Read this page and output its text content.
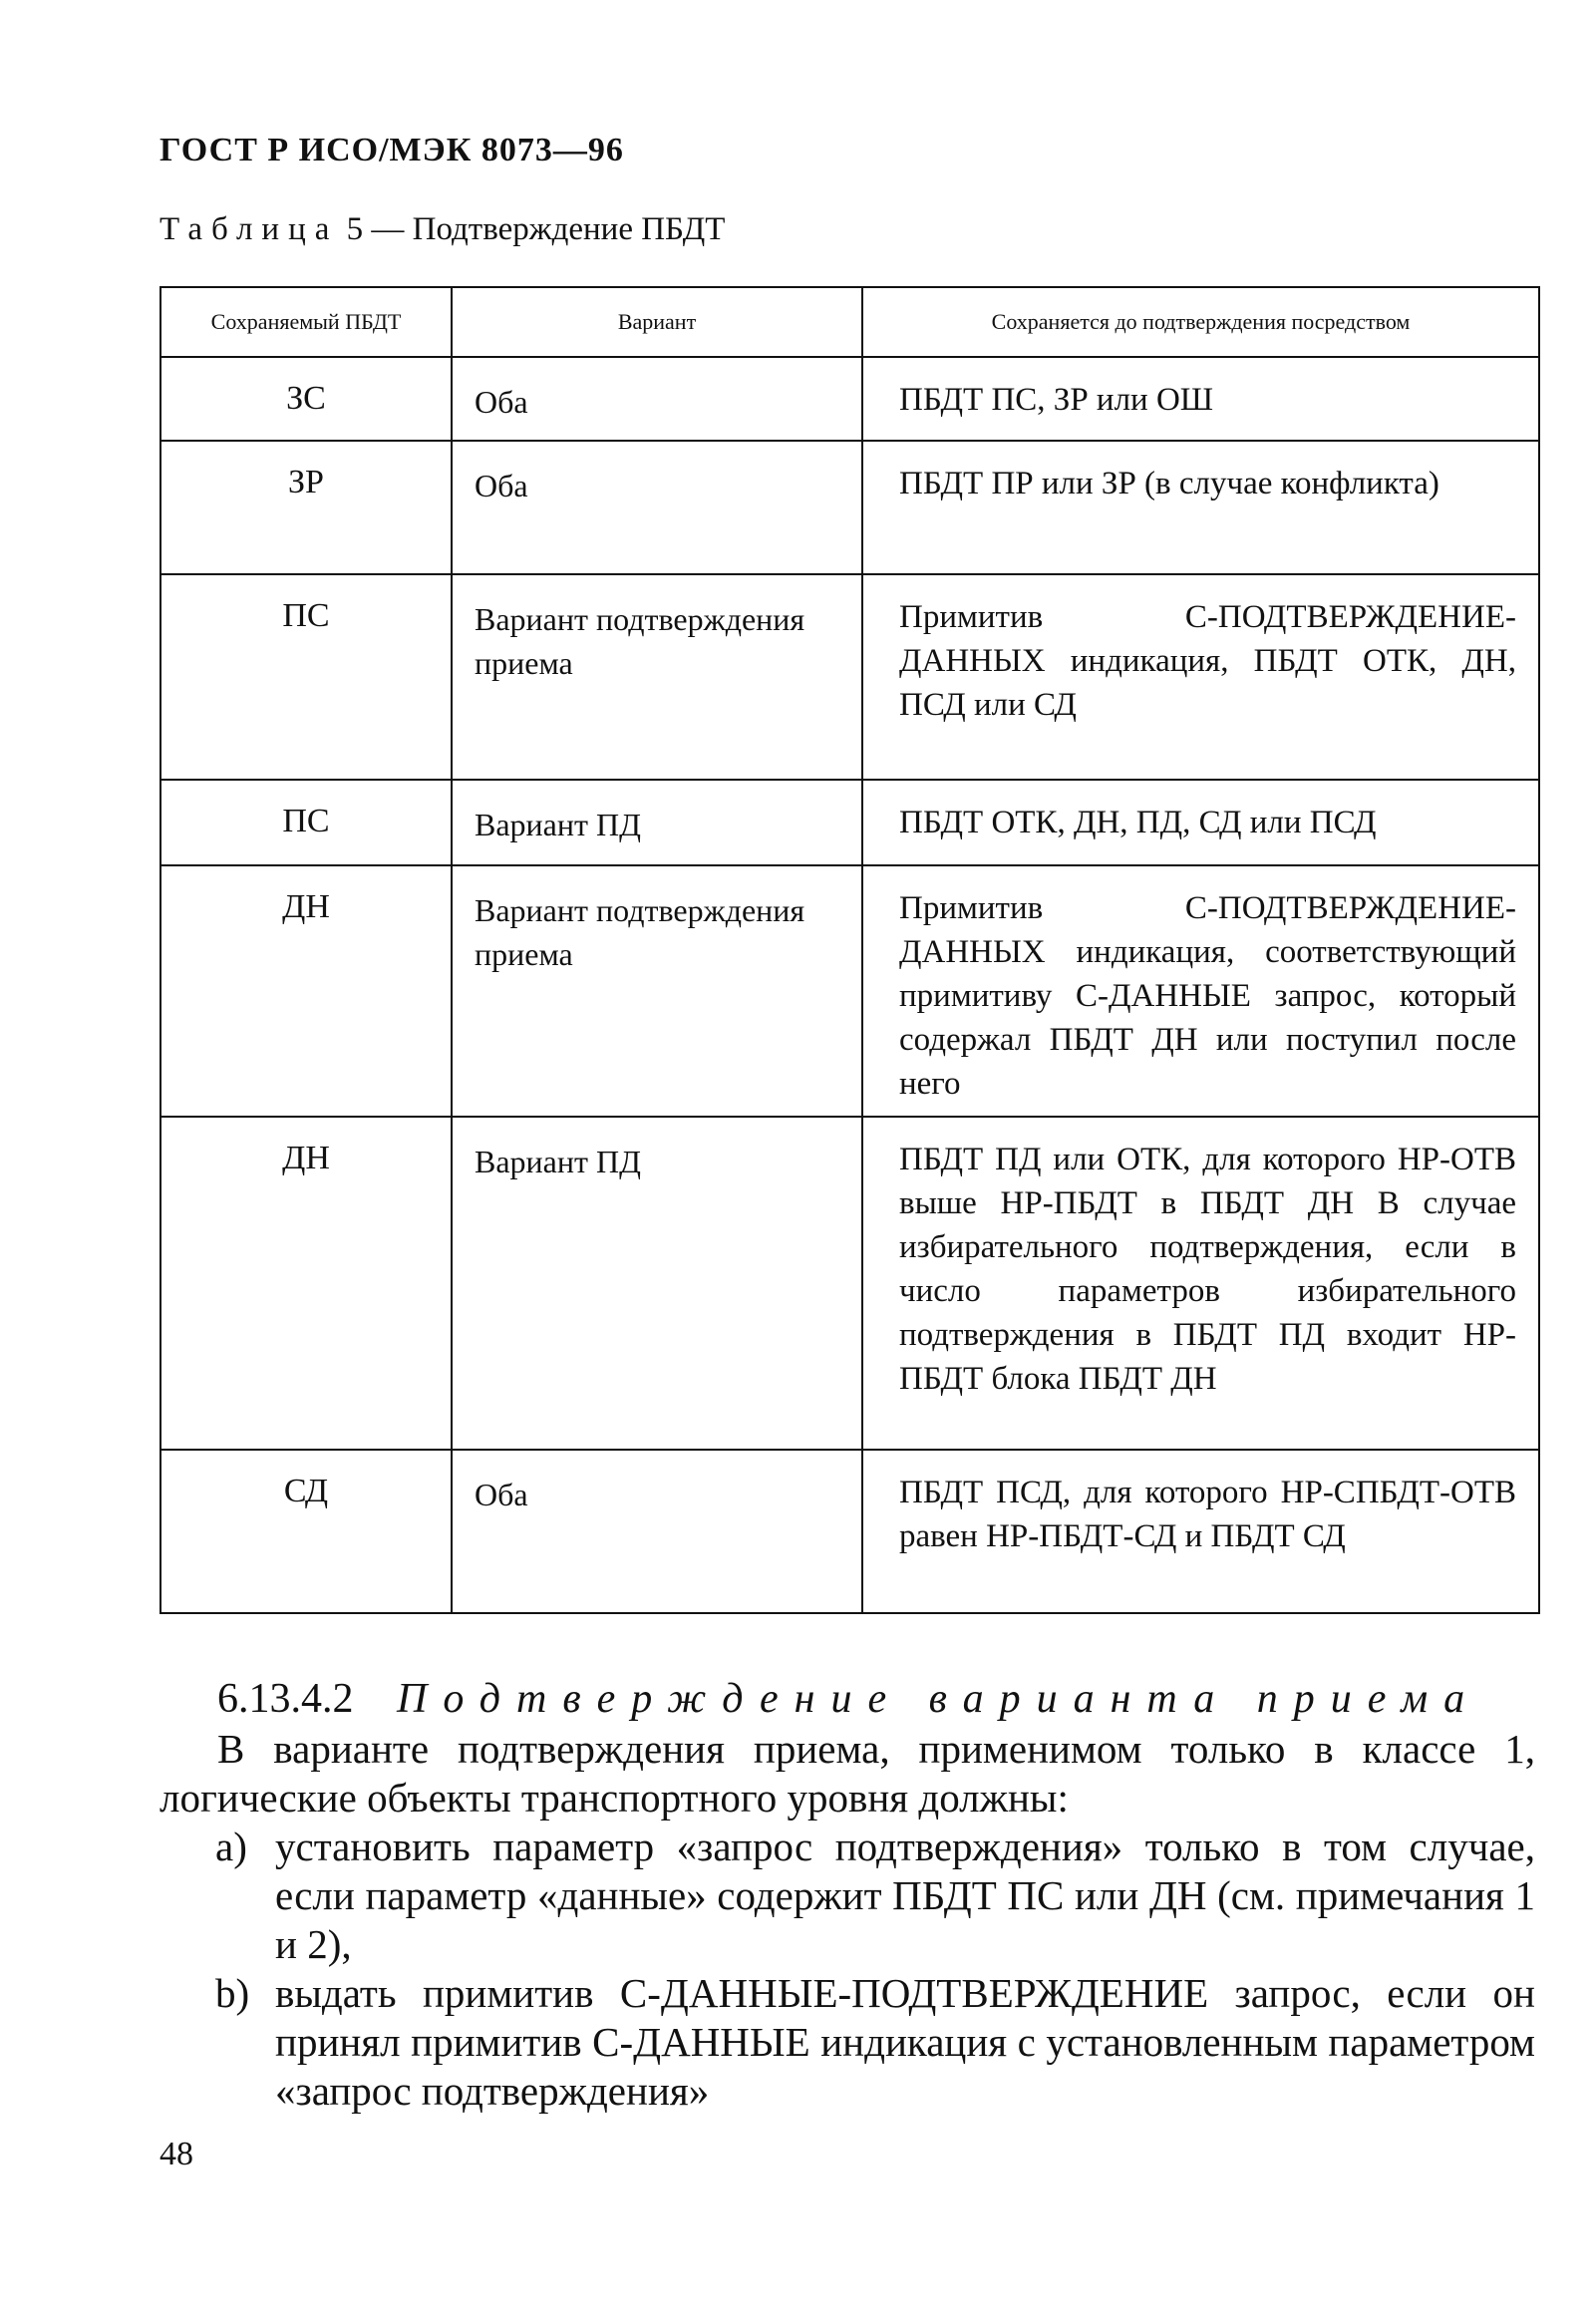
ГОСТ Р ИСО/МЭК 8073—96
Таблица 5 — Подтверждение ПБДТ
Сохраняемый ПБДТ	Вариант	Сохраняется до подтверждения посредством
ЗС	Оба	ПБДТ ПС, ЗР или ОШ
ЗР	Оба	ПБДТ ПР или ЗР (в случае конфликта)
ПС	Вариант подтверждения приема	Примитив С-ПОДТВЕРЖДЕНИЕ-ДАННЫХ индикация, ПБДТ ОТК, ДН, ПСД или СД
ПС	Вариант ПД	ПБДТ ОТК, ДН, ПД, СД или ПСД
ДН	Вариант подтверждения приема	Примитив С-ПОДТВЕРЖДЕНИЕ-ДАННЫХ индикация, соответствующий примитиву С-ДАННЫЕ запрос, который содержал ПБДТ ДН или поступил после него
ДН	Вариант ПД	ПБДТ ПД или ОТК, для которого НР-ОТВ выше НР-ПБДТ в ПБДТ ДН В случае избирательного подтверждения, если в число параметров избирательного подтверждения в ПБДТ ПД входит НР-ПБДТ блока ПБДТ ДН
СД	Оба	ПБДТ ПСД, для которого НР-СПБДТ-ОТВ равен НР-ПБДТ-СД и ПБДТ СД
6.13.4.2 Подтверждение варианта приема

В варианте подтверждения приема, применимом только в классе 1, логические объекты транспортного уровня должны:

a) установить параметр «запрос подтверждения» только в том случае, если параметр «данные» содержит ПБДТ ПС или ДН (см. примечания 1 и 2),
b) выдать примитив С-ДАННЫЕ-ПОДТВЕРЖДЕНИЕ запрос, если он принял примитив С-ДАННЫЕ индикация с установленным параметром «запрос подтверждения»
48
